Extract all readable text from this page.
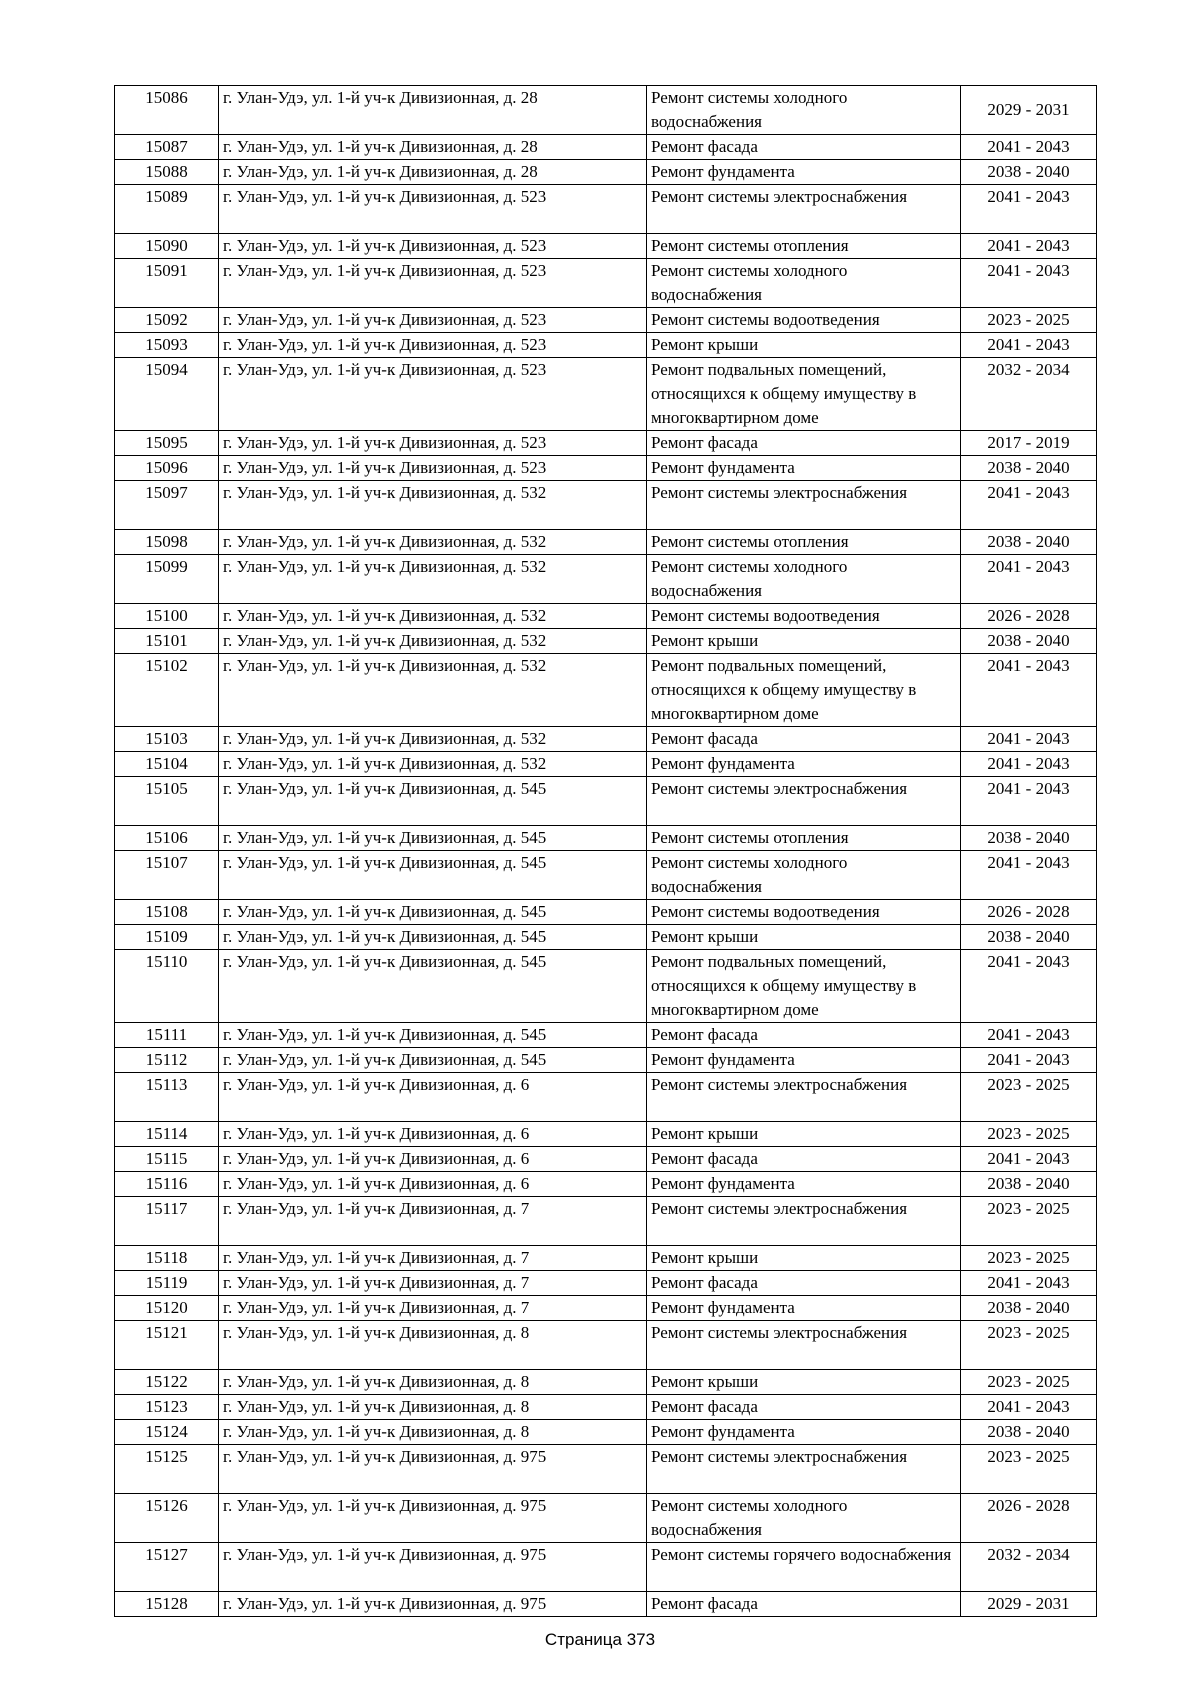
15086	г. Улан-Удэ, ул. 1-й уч-к Дивизионная, д. 28	Ремонт системы холодного водоснабжения	2029 - 2031
15087	г. Улан-Удэ, ул. 1-й уч-к Дивизионная, д. 28	Ремонт фасада	2041 - 2043
15088	г. Улан-Удэ, ул. 1-й уч-к Дивизионная, д. 28	Ремонт фундамента	2038 - 2040
15089	г. Улан-Удэ, ул. 1-й уч-к Дивизионная, д. 523	Ремонт системы электроснабжения	2041 - 2043
15090	г. Улан-Удэ, ул. 1-й уч-к Дивизионная, д. 523	Ремонт системы отопления	2041 - 2043
15091	г. Улан-Удэ, ул. 1-й уч-к Дивизионная, д. 523	Ремонт системы холодного водоснабжения	2041 - 2043
15092	г. Улан-Удэ, ул. 1-й уч-к Дивизионная, д. 523	Ремонт системы водоотведения	2023 - 2025
15093	г. Улан-Удэ, ул. 1-й уч-к Дивизионная, д. 523	Ремонт крыши	2041 - 2043
15094	г. Улан-Удэ, ул. 1-й уч-к Дивизионная, д. 523	Ремонт подвальных помещений, относящихся к общему имуществу в многоквартирном доме	2032 - 2034
15095	г. Улан-Удэ, ул. 1-й уч-к Дивизионная, д. 523	Ремонт фасада	2017 - 2019
15096	г. Улан-Удэ, ул. 1-й уч-к Дивизионная, д. 523	Ремонт фундамента	2038 - 2040
15097	г. Улан-Удэ, ул. 1-й уч-к Дивизионная, д. 532	Ремонт системы электроснабжения	2041 - 2043
15098	г. Улан-Удэ, ул. 1-й уч-к Дивизионная, д. 532	Ремонт системы отопления	2038 - 2040
15099	г. Улан-Удэ, ул. 1-й уч-к Дивизионная, д. 532	Ремонт системы холодного водоснабжения	2041 - 2043
15100	г. Улан-Удэ, ул. 1-й уч-к Дивизионная, д. 532	Ремонт системы водоотведения	2026 - 2028
15101	г. Улан-Удэ, ул. 1-й уч-к Дивизионная, д. 532	Ремонт крыши	2038 - 2040
15102	г. Улан-Удэ, ул. 1-й уч-к Дивизионная, д. 532	Ремонт подвальных помещений, относящихся к общему имуществу в многоквартирном доме	2041 - 2043
15103	г. Улан-Удэ, ул. 1-й уч-к Дивизионная, д. 532	Ремонт фасада	2041 - 2043
15104	г. Улан-Удэ, ул. 1-й уч-к Дивизионная, д. 532	Ремонт фундамента	2041 - 2043
15105	г. Улан-Удэ, ул. 1-й уч-к Дивизионная, д. 545	Ремонт системы электроснабжения	2041 - 2043
15106	г. Улан-Удэ, ул. 1-й уч-к Дивизионная, д. 545	Ремонт системы отопления	2038 - 2040
15107	г. Улан-Удэ, ул. 1-й уч-к Дивизионная, д. 545	Ремонт системы холодного водоснабжения	2041 - 2043
15108	г. Улан-Удэ, ул. 1-й уч-к Дивизионная, д. 545	Ремонт системы водоотведения	2026 - 2028
15109	г. Улан-Удэ, ул. 1-й уч-к Дивизионная, д. 545	Ремонт крыши	2038 - 2040
15110	г. Улан-Удэ, ул. 1-й уч-к Дивизионная, д. 545	Ремонт подвальных помещений, относящихся к общему имуществу в многоквартирном доме	2041 - 2043
15111	г. Улан-Удэ, ул. 1-й уч-к Дивизионная, д. 545	Ремонт фасада	2041 - 2043
15112	г. Улан-Удэ, ул. 1-й уч-к Дивизионная, д. 545	Ремонт фундамента	2041 - 2043
15113	г. Улан-Удэ, ул. 1-й уч-к Дивизионная, д. 6	Ремонт системы электроснабжения	2023 - 2025
15114	г. Улан-Удэ, ул. 1-й уч-к Дивизионная, д. 6	Ремонт крыши	2023 - 2025
15115	г. Улан-Удэ, ул. 1-й уч-к Дивизионная, д. 6	Ремонт фасада	2041 - 2043
15116	г. Улан-Удэ, ул. 1-й уч-к Дивизионная, д. 6	Ремонт фундамента	2038 - 2040
15117	г. Улан-Удэ, ул. 1-й уч-к Дивизионная, д. 7	Ремонт системы электроснабжения	2023 - 2025
15118	г. Улан-Удэ, ул. 1-й уч-к Дивизионная, д. 7	Ремонт крыши	2023 - 2025
15119	г. Улан-Удэ, ул. 1-й уч-к Дивизионная, д. 7	Ремонт фасада	2041 - 2043
15120	г. Улан-Удэ, ул. 1-й уч-к Дивизионная, д. 7	Ремонт фундамента	2038 - 2040
15121	г. Улан-Удэ, ул. 1-й уч-к Дивизионная, д. 8	Ремонт системы электроснабжения	2023 - 2025
15122	г. Улан-Удэ, ул. 1-й уч-к Дивизионная, д. 8	Ремонт крыши	2023 - 2025
15123	г. Улан-Удэ, ул. 1-й уч-к Дивизионная, д. 8	Ремонт фасада	2041 - 2043
15124	г. Улан-Удэ, ул. 1-й уч-к Дивизионная, д. 8	Ремонт фундамента	2038 - 2040
15125	г. Улан-Удэ, ул. 1-й уч-к Дивизионная, д. 975	Ремонт системы электроснабжения	2023 - 2025
15126	г. Улан-Удэ, ул. 1-й уч-к Дивизионная, д. 975	Ремонт системы холодного водоснабжения	2026 - 2028
15127	г. Улан-Удэ, ул. 1-й уч-к Дивизионная, д. 975	Ремонт системы горячего водоснабжения	2032 - 2034
15128	г. Улан-Удэ, ул. 1-й уч-к Дивизионная, д. 975	Ремонт фасада	2029 - 2031
Страница 373
